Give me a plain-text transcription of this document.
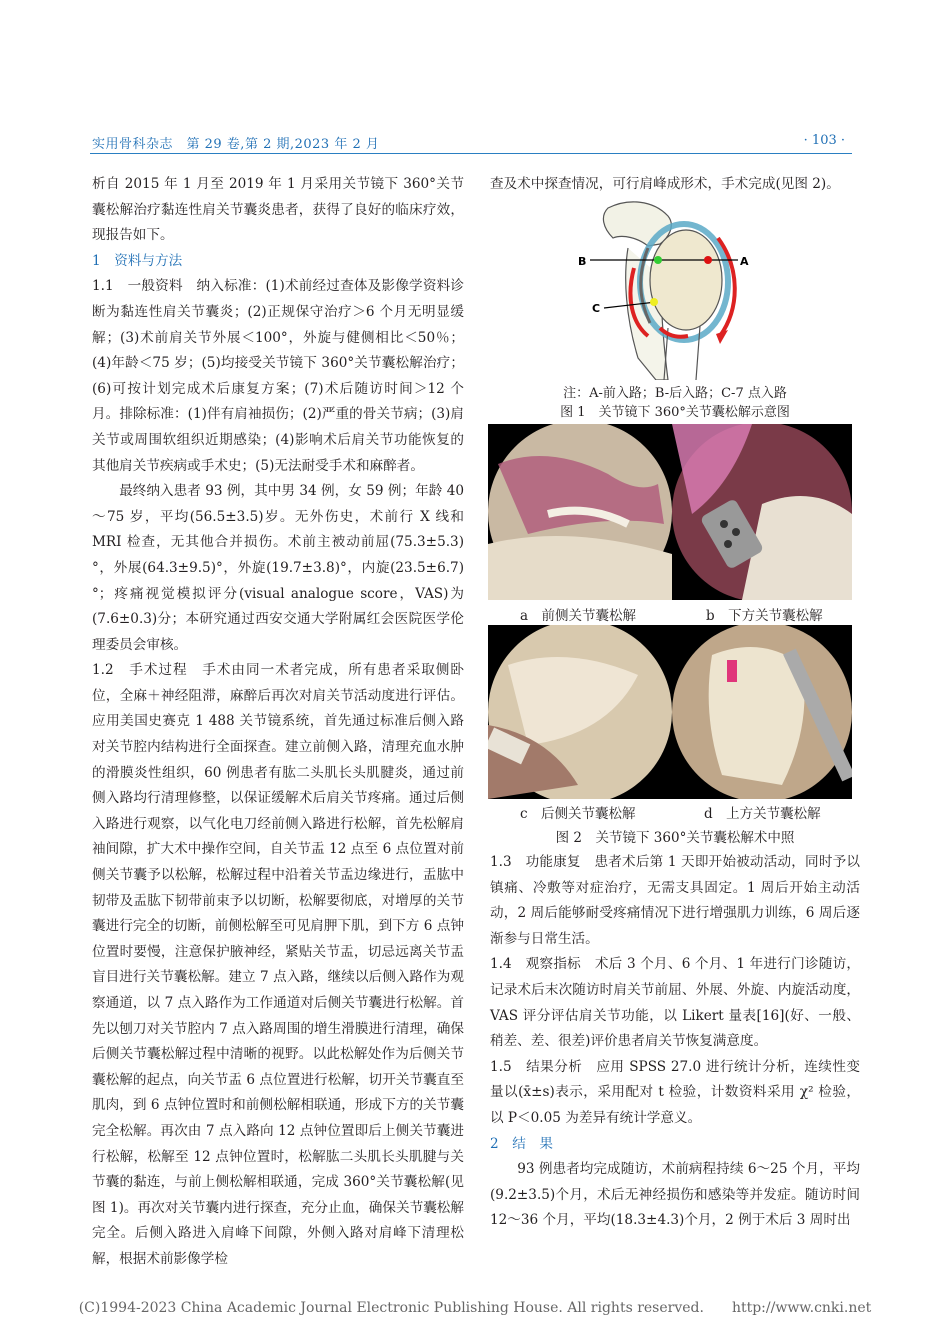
实用骨科杂志　第 29 卷,第 2 期,2023 年 2 月	· 103 ·

析自 2015 年 1 月至 2019 年 1 月采用关节镜下 360°关节囊松解治疗黏连性肩关节囊炎患者，获得了良好的临床疗效，现报告如下。

1　资料与方法

1.1　一般资料　纳入标准：(1)术前经过查体及影像学资料诊断为黏连性肩关节囊炎；(2)正规保守治疗＞6 个月无明显缓解；(3)术前肩关节外展＜100°，外旋与健侧相比＜50％；(4)年龄＜75 岁；(5)均接受关节镜下 360°关节囊松解治疗；(6)可按计划完成术后康复方案；(7)术后随访时间＞12 个月。排除标准：(1)伴有肩袖损伤；(2)严重的骨关节病；(3)肩关节或周围软组织近期感染；(4)影响术后肩关节功能恢复的其他肩关节疾病或手术史；(5)无法耐受手术和麻醉者。

最终纳入患者 93 例，其中男 34 例，女 59 例；年龄 40～75 岁，平均(56.5±3.5)岁。无外伤史，术前行 X 线和 MRI 检查，无其他合并损伤。术前主被动前屈(75.3±5.3)°，外展(64.3±9.5)°，外旋(19.7±3.8)°，内旋(23.5±6.7)°；疼痛视觉模拟评分(visual analogue score，VAS)为(7.6±0.3)分；本研究通过西安交通大学附属红会医院医学伦理委员会审核。

1.2　手术过程　手术由同一术者完成，所有患者采取侧卧位，全麻＋神经阻滞，麻醉后再次对肩关节活动度进行评估。应用美国史赛克 1 488 关节镜系统，首先通过标准后侧入路对关节腔内结构进行全面探查。建立前侧入路，清理充血水肿的滑膜炎性组织，60 例患者有肱二头肌长头肌腱炎，通过前侧入路均行清理修整，以保证缓解术后肩关节疼痛。通过后侧入路进行观察，以气化电刀经前侧入路进行松解，首先松解肩袖间隙，扩大术中操作空间，自关节盂 12 点至 6 点位置对前侧关节囊予以松解，松解过程中沿着关节盂边缘进行，盂肱中韧带及盂肱下韧带前束予以切断，松解要彻底，对增厚的关节囊进行完全的切断，前侧松解至可见肩胛下肌，到下方 6 点钟位置时要慢，注意保护腋神经，紧贴关节盂，切忌远离关节盂盲目进行关节囊松解。建立 7 点入路，继续以后侧入路作为观察通道，以 7 点入路作为工作通道对后侧关节囊进行松解。首先以刨刀对关节腔内 7 点入路周围的增生滑膜进行清理，确保后侧关节囊松解过程中清晰的视野。以此松解处作为后侧关节囊松解的起点，向关节盂 6 点位置进行松解，切开关节囊直至肌肉，到 6 点钟位置时和前侧松解相联通，形成下方的关节囊完全松解。再次由 7 点入路向 12 点钟位置即后上侧关节囊进行松解，松解至 12 点钟位置时，松解肱二头肌长头肌腱与关节囊的黏连，与前上侧松解相联通，完成 360°关节囊松解(见图 1)。再次对关节囊内进行探查，充分止血，确保关节囊松解完全。后侧入路进入肩峰下间隙，外侧入路对肩峰下清理松解，根据术前影像学检

查及术中探查情况，可行肩峰成形术，手术完成(见图 2)。

B	A
C
注：A-前入路；B-后入路；C-7 点入路
图 1　关节镜下 360°关节囊松解示意图
a　前侧关节囊松解	b　下方关节囊松解
c　后侧关节囊松解	d　上方关节囊松解
图 2　关节镜下 360°关节囊松解术中照

1.3　功能康复　患者术后第 1 天即开始被动活动，同时予以镇痛、冷敷等对症治疗，无需支具固定。1 周后开始主动活动，2 周后能够耐受疼痛情况下进行增强肌力训练，6 周后逐渐参与日常生活。

1.4　观察指标　术后 3 个月、6 个月、1 年进行门诊随访，记录术后末次随访时肩关节前屈、外展、外旋、内旋活动度，VAS 评分评估肩关节功能，以 Likert 量表[16](好、一般、稍差、差、很差)评价患者肩关节恢复满意度。

1.5　结果分析　应用 SPSS 27.0 进行统计分析，连续性变量以(x̄±s)表示，采用配对 t 检验，计数资料采用 χ² 检验，以 P＜0.05 为差异有统计学意义。

2　结　果

93 例患者均完成随访，术前病程持续 6～25 个月，平均(9.2±3.5)个月，术后无神经损伤和感染等并发症。随访时间 12～36 个月，平均(18.3±4.3)个月，2 例于术后 3 周时出

(C)1994-2023 China Academic Journal Electronic Publishing House. All rights reserved.　　http://www.cnki.net
